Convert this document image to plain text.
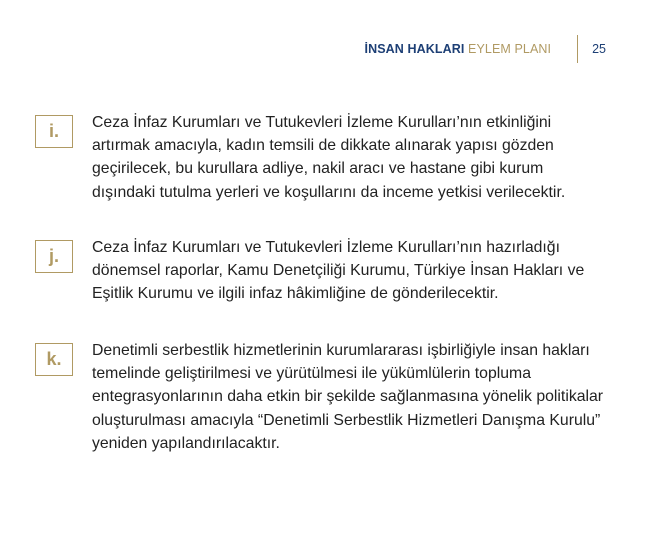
İNSAN HAKLARI EYLEM PLANI	25
i.	Ceza İnfaz Kurumları ve Tutukevleri İzleme Kurulları’nın etkinliğini artırmak amacıyla, kadın temsili de dikkate alınarak yapısı gözden geçirilecek, bu kurullara adliye, nakil aracı ve hastane gibi kurum dışındaki tutulma yerleri ve koşullarını da inceme yetkisi verilecektir.
j.	Ceza İnfaz Kurumları ve Tutukevleri İzleme Kurulları’nın hazırladığı dönemsel raporlar, Kamu Denetçiliği Kurumu, Türkiye İnsan Hakları ve Eşitlik Kurumu ve ilgili infaz hâkimliğine de gönderilecektir.
k.	Denetimli serbestlik hizmetlerinin kurumlararası işbirliğiyle insan hakları temelinde geliştirilmesi ve yürütülmesi ile yükümlülerin topluma entegrasyonlarının daha etkin bir şekilde sağlanmasına yönelik politikalar oluşturulması amacıyla “Denetimli Serbestlik Hizmetleri Danışma Kurulu” yeniden yapılandırılacaktır.
